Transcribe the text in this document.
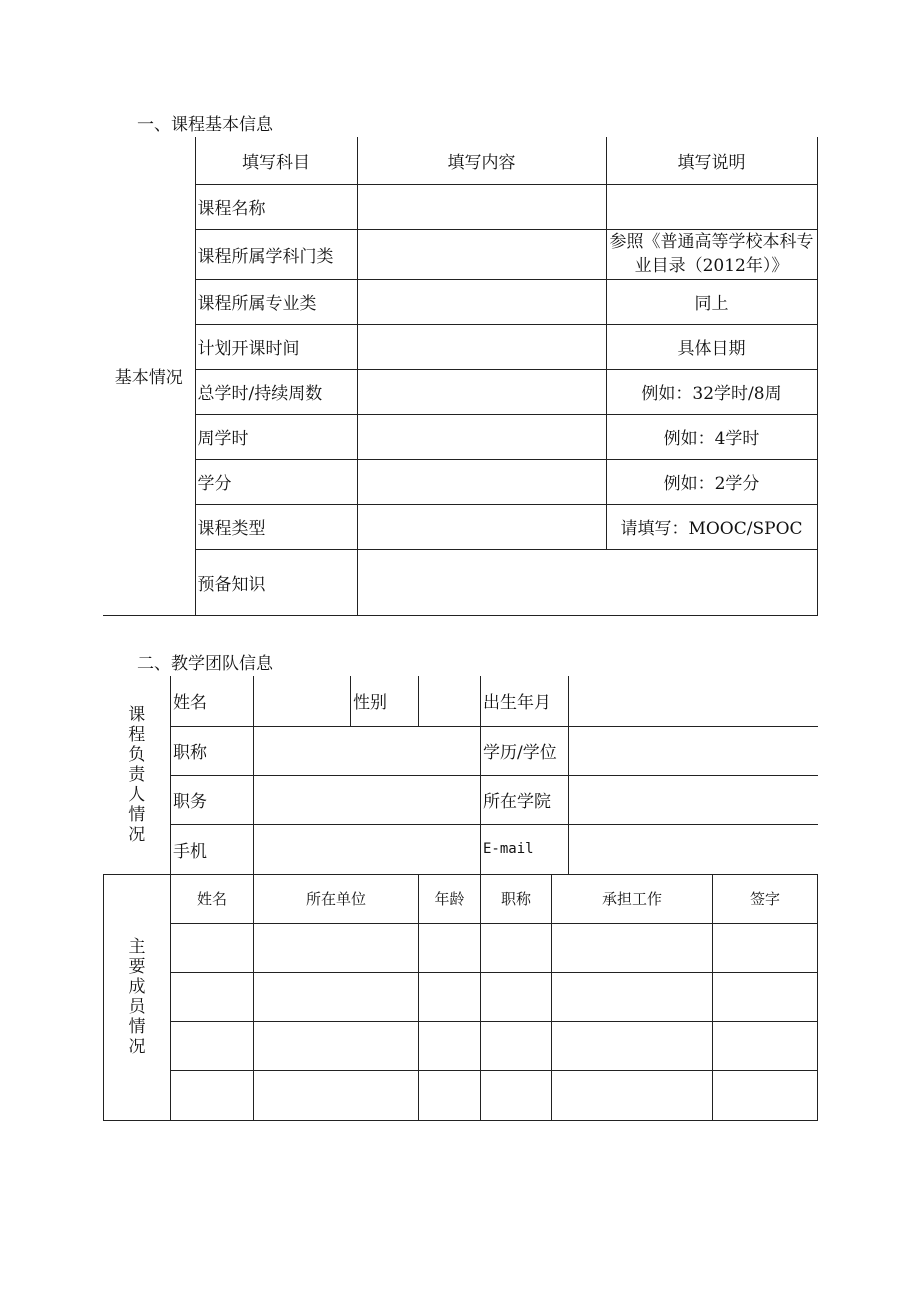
一、课程基本信息
基本情况	填写科目	填写内容	填写说明
	课程名称		
	课程所属学科门类		参照《普通高等学校本科专业目录（2012年）》
	课程所属专业类		同上
	计划开课时间		具体日期
	总学时/持续周数		例如：32学时/8周
	周学时		例如：4学时
	学分		例如：2学分
	课程类型		请填写：MOOC/SPOC
	预备知识		
二、教学团队信息
课程负责人情况	姓名		性别		出生年月			
	职称				学历/学位			
	职务				所在学院			
	手机				E-mail			
主要成员情况	姓名	所在单位		年龄	职称	承担工作		签字
